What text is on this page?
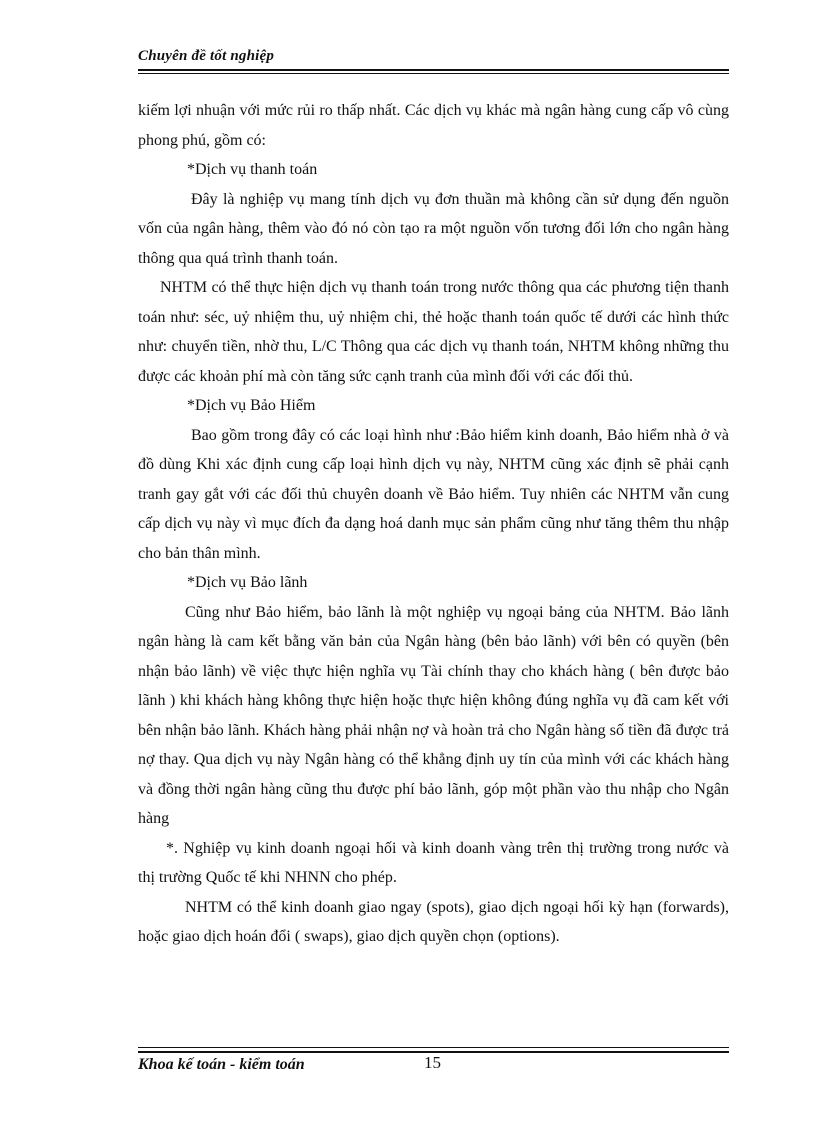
Chuyên đề tốt nghiệp

kiếm lợi nhuận với mức rủi ro thấp nhất. Các dịch vụ khác mà ngân hàng cung cấp vô cùng phong phú, gồm có:

*Dịch vụ thanh toán

Đây là nghiệp vụ mang tính dịch vụ đơn thuần mà không cần sử dụng đến nguồn vốn của ngân hàng, thêm vào đó nó còn tạo ra một nguồn vốn tương đối lớn cho ngân hàng thông qua quá trình thanh toán.

NHTM có thể thực hiện dịch vụ thanh toán trong nước thông qua các phương tiện thanh toán như: séc, uỷ nhiệm thu, uỷ nhiệm chi, thẻ hoặc thanh toán quốc tế dưới các hình thức như: chuyển tiền, nhờ thu, L/C Thông qua các dịch vụ thanh toán, NHTM không những thu được các khoản phí mà còn tăng sức cạnh tranh của mình đối với các đối thủ.

*Dịch vụ Bảo Hiểm

Bao gồm trong đây có các loại hình như :Bảo hiểm kinh doanh, Bảo hiểm nhà ở và đồ dùng Khi xác định cung cấp loại hình dịch vụ này, NHTM cũng xác định sẽ phải cạnh tranh gay gắt với các đối thủ chuyên doanh về Bảo hiểm. Tuy nhiên các NHTM vẫn cung cấp dịch vụ này vì mục đích đa dạng hoá danh mục sản phẩm cũng như tăng thêm thu nhập cho bản thân mình.

*Dịch vụ Bảo lãnh

Cũng như Bảo hiểm, bảo lãnh là một nghiệp vụ ngoại bảng của NHTM. Bảo lãnh ngân hàng là cam kết bằng văn bản của Ngân hàng (bên bảo lãnh) với bên có quyền (bên nhận bảo lãnh) về việc thực hiện nghĩa vụ Tài chính thay cho khách hàng ( bên được bảo lãnh ) khi khách hàng không thực hiện hoặc thực hiện không đúng nghĩa vụ đã cam kết với bên nhận bảo lãnh. Khách hàng phải nhận nợ và hoàn trả cho Ngân hàng số tiền đã được trả nợ thay. Qua dịch vụ này Ngân hàng có thể khẳng định uy tín của mình với các khách hàng và đồng thời ngân hàng cũng thu được phí bảo lãnh, góp một phần vào thu nhập cho Ngân hàng

*. Nghiệp vụ kinh doanh ngoại hối và kinh doanh vàng trên thị trường trong nước và thị trường Quốc tế khi NHNN cho phép.

NHTM có thể kinh doanh giao ngay (spots), giao dịch ngoại hối kỳ hạn (forwards), hoặc giao dịch hoán đổi ( swaps), giao dịch quyền chọn (options).

Khoa kế toán - kiểm toán	15
